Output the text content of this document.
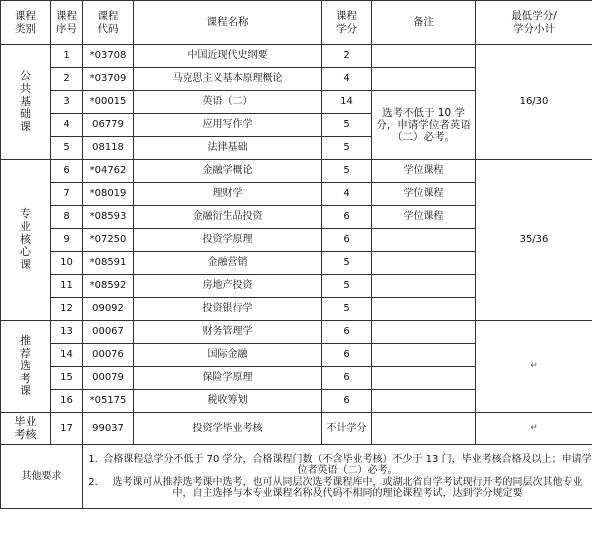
课程
类别	课程
序号	课程
代码	课程名称	课程
学分	备注	最低学分/
学分小计
公
共
基
础
课	1	*03708	中国近现代史纲要	2		16/30
	2	*03709	马克思主义基本原理概论	4		
	3	*00015	英语（二）	14	选考不低于 10 学分，申请学位者英语（二）必考。	
	4	06779	应用写作学	5		
	5	08118	法律基础	5		
专
业
核
心
课	6	*04762	金融学概论	5	学位课程	35/36
	7	*08019	理财学	4	学位课程	
	8	*08593	金融衍生品投资	6	学位课程	
	9	*07250	投资学原理	6		
	10	*08591	金融营销	5		
	11	*08592	房地产投资	5		
	12	09092	投资银行学	5		
推
荐
选
考
课	13	00067	财务管理学	6		↵
	14	00076	国际金融	6		
	15	00079	保险学原理	6		
	16	*05175	税收筹划	6		
毕业
考核	17	99037	投资学毕业考核	不计学分		↵
其他要求		1. 合格课程总学分不低于 70 学分，合格课程门数（不含毕业考核）不少于 13 门，毕业考核合格及以上；申请学位者英语（二）必考。
2. 选考课可从推荐选考课中选考，也可从同层次选考课程库中，或湖北省自学考试现行开考的同层次其他专业中，自主选择与本专业课程名称及代码不相同的理论课程考试，达到学分规定要				
